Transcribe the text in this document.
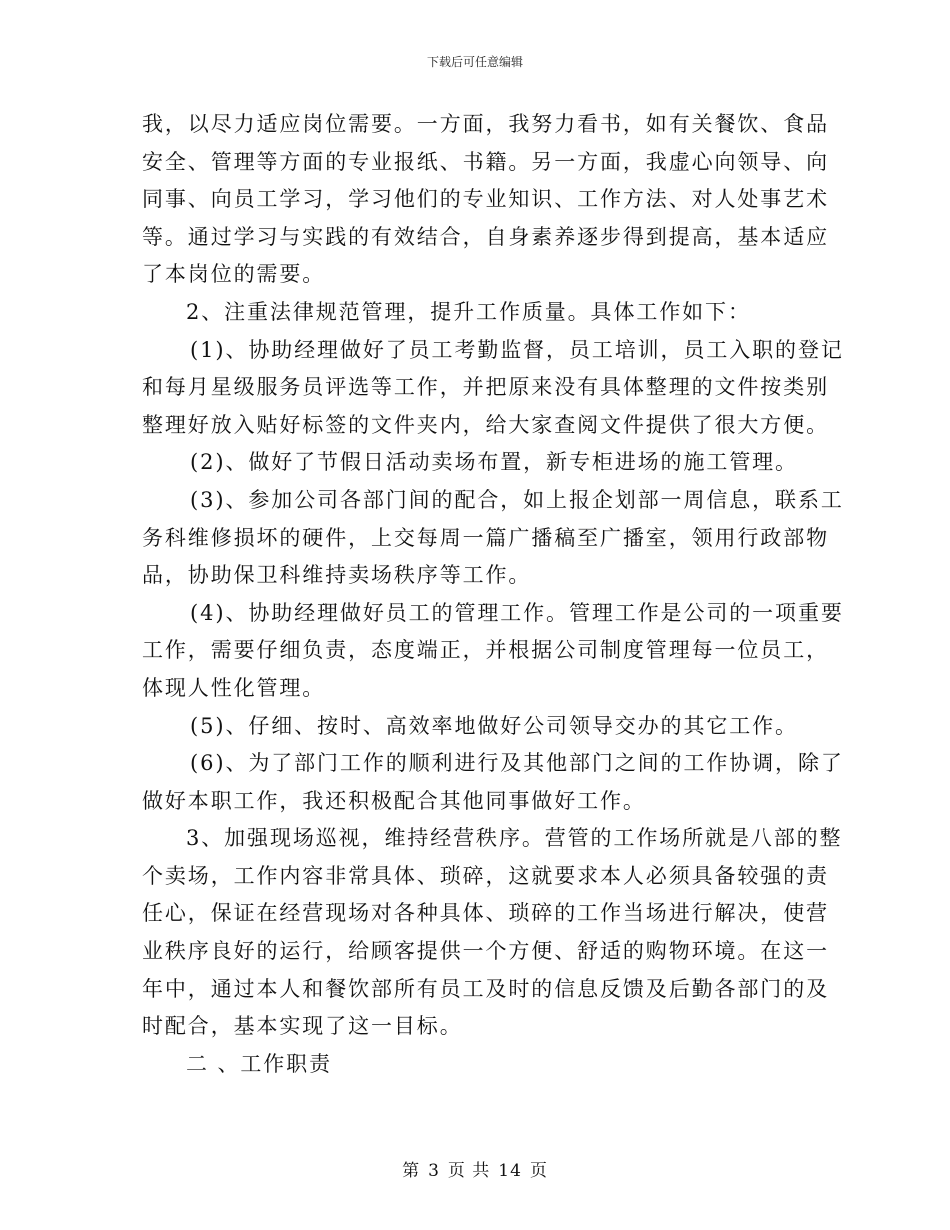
下载后可任意编辑
我，以尽力适应岗位需要。一方面，我努力看书，如有关餐饮、食品
安全、管理等方面的专业报纸、书籍。另一方面，我虚心向领导、向
同事、向员工学习，学习他们的专业知识、工作方法、对人处事艺术
等。通过学习与实践的有效结合，自身素养逐步得到提高，基本适应
了本岗位的需要。
2、注重法律规范管理，提升工作质量。具体工作如下：
(1)、协助经理做好了员工考勤监督，员工培训，员工入职的登记
和每月星级服务员评选等工作，并把原来没有具体整理的文件按类别
整理好放入贴好标签的文件夹内，给大家查阅文件提供了很大方便。
(2)、做好了节假日活动卖场布置，新专柜进场的施工管理。
(3)、参加公司各部门间的配合，如上报企划部一周信息，联系工
务科维修损坏的硬件，上交每周一篇广播稿至广播室，领用行政部物
品，协助保卫科维持卖场秩序等工作。
(4)、协助经理做好员工的管理工作。管理工作是公司的一项重要
工作，需要仔细负责，态度端正，并根据公司制度管理每一位员工，
体现人性化管理。
(5)、仔细、按时、高效率地做好公司领导交办的其它工作。
(6)、为了部门工作的顺利进行及其他部门之间的工作协调，除了
做好本职工作，我还积极配合其他同事做好工作。
3、加强现场巡视，维持经营秩序。营管的工作场所就是八部的整
个卖场，工作内容非常具体、琐碎，这就要求本人必须具备较强的责
任心，保证在经营现场对各种具体、琐碎的工作当场进行解决，使营
业秩序良好的运行，给顾客提供一个方便、舒适的购物环境。在这一
年中，通过本人和餐饮部所有员工及时的信息反馈及后勤各部门的及
时配合，基本实现了这一目标。
二 、工作职责
第 3 页 共 14 页
